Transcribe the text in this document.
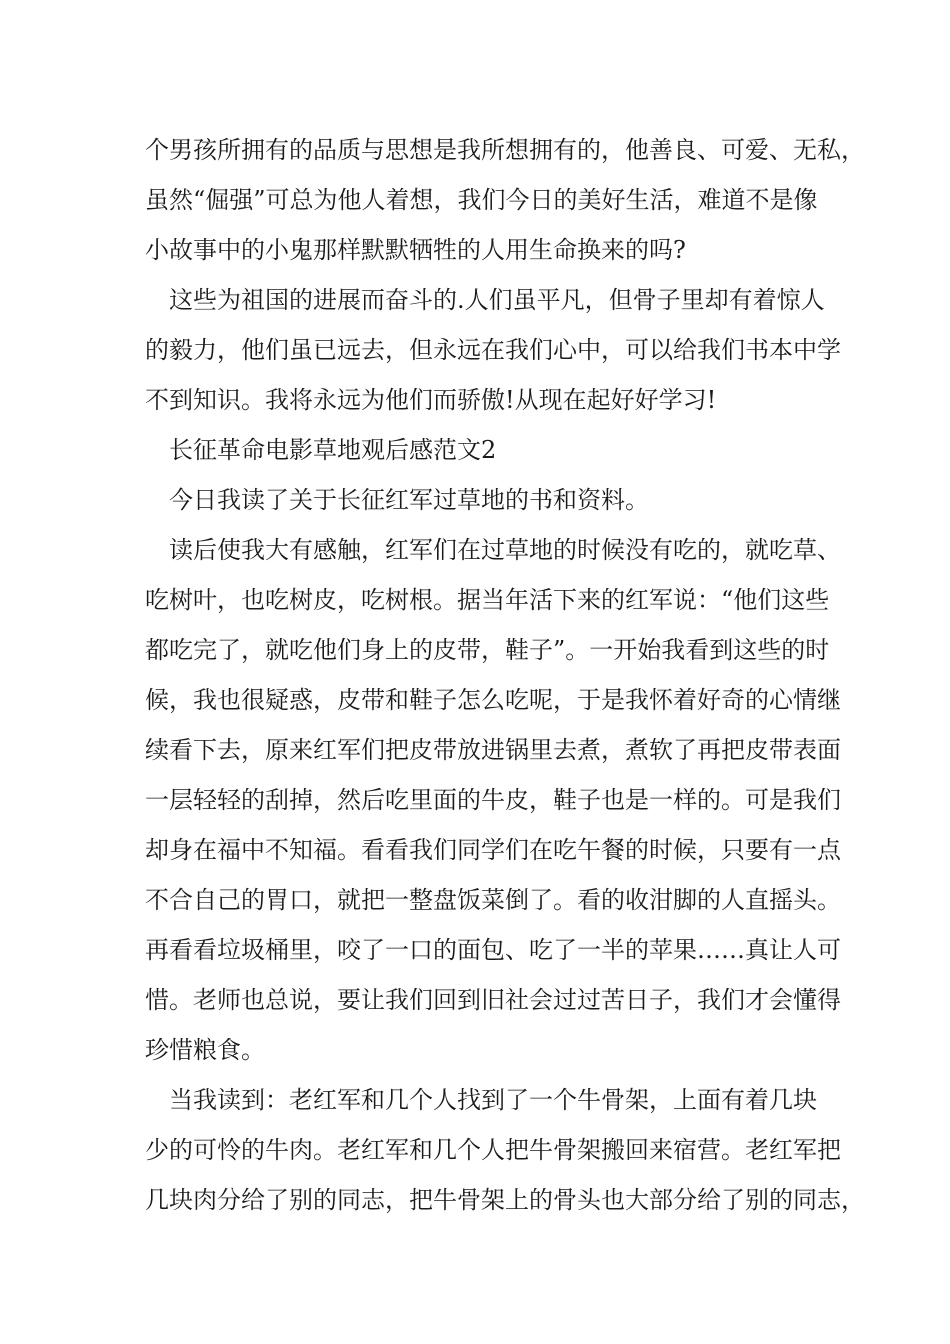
个男孩所拥有的品质与思想是我所想拥有的，他善良、可爱、无私，
虽然“倔强”可总为他人着想，我们今日的美好生活，难道不是像
小故事中的小鬼那样默默牺牲的人用生命换来的吗?
　这些为祖国的进展而奋斗的.人们虽平凡，但骨子里却有着惊人
的毅力，他们虽已远去，但永远在我们心中，可以给我们书本中学
不到知识。我将永远为他们而骄傲!从现在起好好学习!
　长征革命电影草地观后感范文2
　今日我读了关于长征红军过草地的书和资料。
　读后使我大有感触，红军们在过草地的时候没有吃的，就吃草、
吃树叶，也吃树皮，吃树根。据当年活下来的红军说：“他们这些
都吃完了，就吃他们身上的皮带，鞋子”。一开始我看到这些的时
候，我也很疑惑，皮带和鞋子怎么吃呢，于是我怀着好奇的心情继
续看下去，原来红军们把皮带放进锅里去煮，煮软了再把皮带表面
一层轻轻的刮掉，然后吃里面的牛皮，鞋子也是一样的。可是我们
却身在福中不知福。看看我们同学们在吃午餐的时候，只要有一点
不合自己的胃口，就把一整盘饭菜倒了。看的收泔脚的人直摇头。
再看看垃圾桶里，咬了一口的面包、吃了一半的苹果……真让人可
惜。老师也总说，要让我们回到旧社会过过苦日子，我们才会懂得
珍惜粮食。
　当我读到：老红军和几个人找到了一个牛骨架，上面有着几块
少的可怜的牛肉。老红军和几个人把牛骨架搬回来宿营。老红军把
几块肉分给了别的同志，把牛骨架上的骨头也大部分给了别的同志，
